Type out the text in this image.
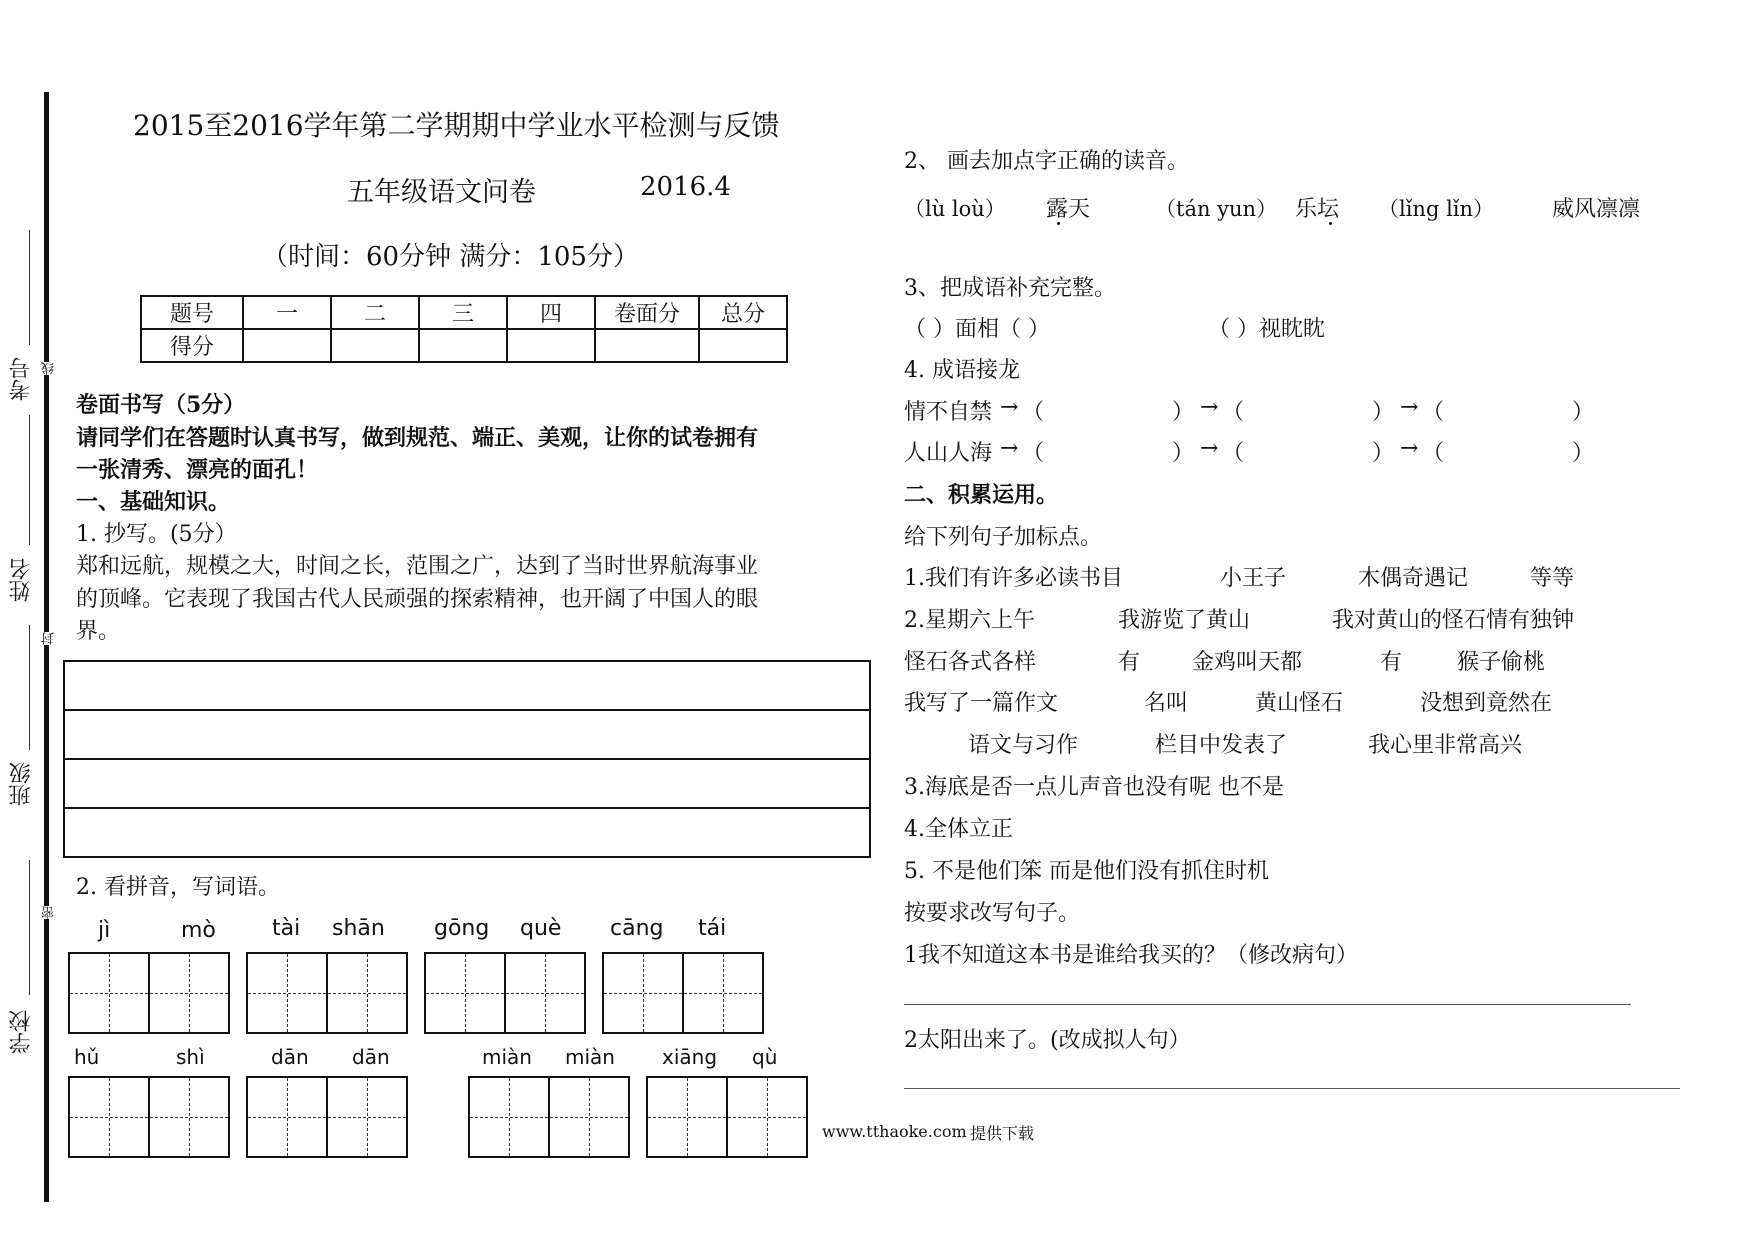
考号
姓名
班级
学校
线
封
密
2015至2016学年第二学期期中学业水平检测与反馈
五年级语文问卷	2016.4
（时间：60分钟 满分：105分）
题号	一	二	三	四	卷面分	总分
得分						
卷面书写（5分）
请同学们在答题时认真书写，做到规范、端正、美观，让你的试卷拥有
一张清秀、漂亮的面孔！
一、基础知识。
1. 抄写。(5分）
郑和远航，规模之大，时间之长，范围之广，达到了当时世界航海事业
的顶峰。它表现了我国古代人民顽强的探索精神，也开阔了中国人的眼
界。
2. 看拼音，写词语。
jì	mò	tài shān gōng què cāng tái
hǔ	shì	dān dān	miàn miàn xiāng qù
www.tthaoke.com 提供下载
2、 画去加点字正确的读音。
（lù loù） 露天	（tán yun） 乐坛 （lǐng lǐn）	威风凛凛
3、把成语补充完整。
（ ）面相（ ）	（ ）视眈眈
4. 成语接龙
情不自禁 → （	） → （	） → （	）
人山人海 → （	） → （	） → （	）
二、积累运用。
给下列句子加标点。
1.我们有许多必读书目	小王子	木偶奇遇记	等等
2.星期六上午	我游览了黄山	我对黄山的怪石情有独钟
怪石各式各样	有 金鸡叫天都	有 猴子偷桃
我写了一篇作文	名叫	黄山怪石	没想到竟然在
语文与习作	栏目中发表了	我心里非常高兴
3.海底是否一点儿声音也没有呢 也不是
4.全体立正
5. 不是他们笨 而是他们没有抓住时机
按要求改写句子。
1我不知道这本书是谁给我买的？（修改病句）
2太阳出来了。(改成拟人句）
